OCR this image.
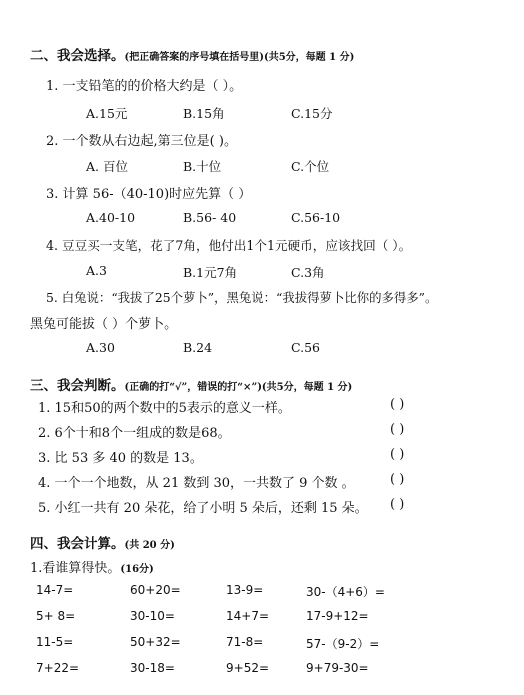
二、我会选择。(把正确答案的序号填在括号里)(共5分，每题 1 分)
1. 一支铅笔的的价格大约是（ ）。
A.15元	B.15角	C.15分
2. 一个数从右边起,第三位是( )。
A. 百位	B.十位	C.个位
3. 计算 56-（40-10)时应先算（ ）
A.40-10	B.56- 40	C.56-10
4. 豆豆买一支笔，花了7角，他付出1个1元硬币，应该找回（ ）。
A.3	B.1元7角	C.3角
5. 白兔说：“我拔了25个萝卜”，黑兔说：“我拔得萝卜比你的多得多”。
黑兔可能拔（ ）个萝卜。
A.30	B.24	C.56
三、我会判断。(正确的打“√”，错误的打“×”)(共5分，每题 1 分)
1. 15和50的两个数中的5表示的意义一样。	( )
2. 6个十和8个一组成的数是68。	( )
3. 比 53 多 40 的数是 13。	( )
4. 一个一个地数，从 21 数到 30，一共数了 9 个数 。	( )
5. 小红一共有 20 朵花，给了小明 5 朵后，还剩 15 朵。 ( )
四、我会计算。(共 20 分)
1.看谁算得快。(16分)
14-7=	60+20=	13-9=	30-（4+6）=
5+ 8=	30-10=	14+7=	17-9+12=
11-5=	50+32=	71-8=	57-（9-2）=
7+22=	30-18=	9+52=	9+79-30=
